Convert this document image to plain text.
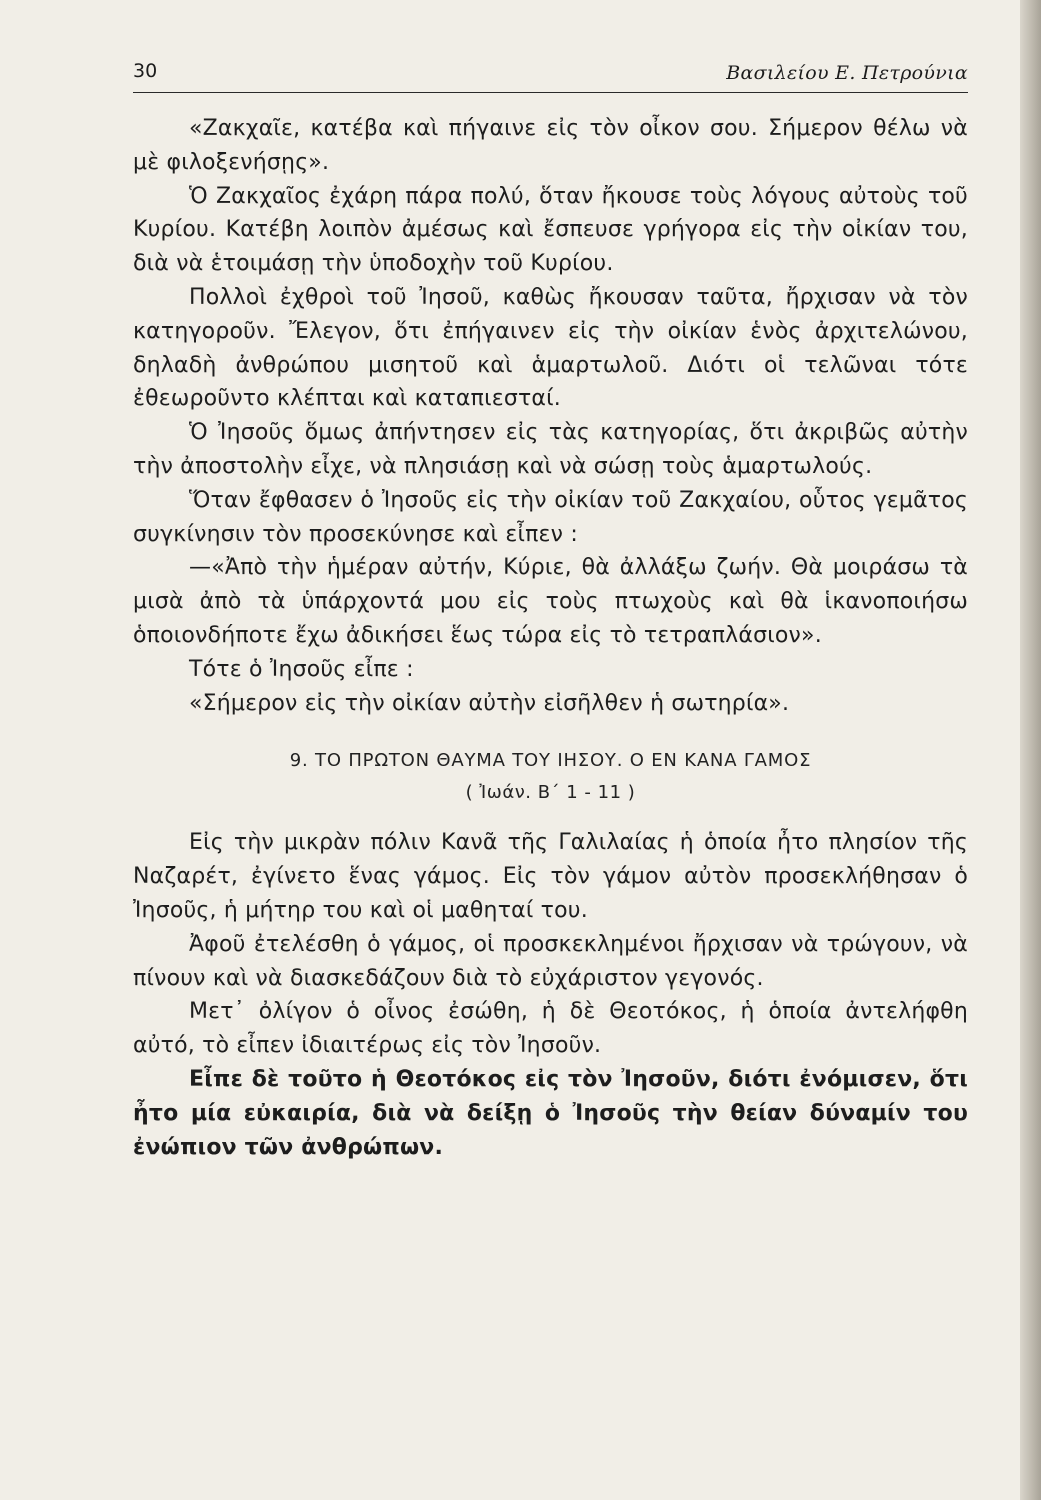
30	Βασιλείου Ε. Πετρούνια

«Ζακχαῖε, κατέβα καὶ πήγαινε εἰς τὸν οἶκον σου. Σήμερον θέλω νὰ μὲ φιλοξενήσῃς».

Ὁ Ζακχαῖος ἐχάρη πάρα πολύ, ὅταν ἤκουσε τοὺς λόγους αὐτοὺς τοῦ Κυρίου. Κατέβη λοιπὸν ἀμέσως καὶ ἔσπευσε γρήγορα εἰς τὴν οἰκίαν του, διὰ νὰ ἑτοιμάσῃ τὴν ὑποδοχὴν τοῦ Κυρίου.

Πολλοὶ ἐχθροὶ τοῦ Ἰησοῦ, καθὼς ἤκουσαν ταῦτα, ἤρχισαν νὰ τὸν κατηγοροῦν. Ἔλεγον, ὅτι ἐπήγαινεν εἰς τὴν οἰκίαν ἑνὸς ἀρχιτελώνου, δηλαδὴ ἀνθρώπου μισητοῦ καὶ ἁμαρτωλοῦ. Διότι οἱ τελῶναι τότε ἐθεωροῦντο κλέπται καὶ καταπιεσταί.

Ὁ Ἰησοῦς ὅμως ἀπήντησεν εἰς τὰς κατηγορίας, ὅτι ἀκριβῶς αὐτὴν τὴν ἀποστολὴν εἶχε, νὰ πλησιάσῃ καὶ νὰ σώσῃ τοὺς ἁμαρτωλούς.

Ὅταν ἔφθασεν ὁ Ἰησοῦς εἰς τὴν οἰκίαν τοῦ Ζακχαίου, οὗτος γεμᾶτος συγκίνησιν τὸν προσεκύνησε καὶ εἶπεν :

—«Ἀπὸ τὴν ἡμέραν αὐτήν, Κύριε, θὰ ἀλλάξω ζωήν. Θὰ μοιράσω τὰ μισὰ ἀπὸ τὰ ὑπάρχοντά μου εἰς τοὺς πτωχοὺς καὶ θὰ ἱκανοποιήσω ὁποιονδήποτε ἔχω ἀδικήσει ἕως τώρα εἰς τὸ τετραπλάσιον».

Τότε ὁ Ἰησοῦς εἶπε :

«Σήμερον εἰς τὴν οἰκίαν αὐτὴν εἰσῆλθεν ἡ σωτηρία».

9. ΤΟ ΠΡΩΤΟΝ ΘΑΥΜΑ ΤΟΥ ΙΗΣΟΥ. Ο ΕΝ ΚΑΝΑ ΓΑΜΟΣ
( Ἰωάν. Β΄ 1 - 11 )

Εἰς τὴν μικρὰν πόλιν Κανᾶ τῆς Γαλιλαίας ἡ ὁποία ἦτο πλησίον τῆς Ναζαρέτ, ἐγίνετο ἕνας γάμος. Εἰς τὸν γάμον αὐτὸν προσεκλήθησαν ὁ Ἰησοῦς, ἡ μήτηρ του καὶ οἱ μαθηταί του.

Ἀφοῦ ἐτελέσθη ὁ γάμος, οἱ προσκεκλημένοι ἤρχισαν νὰ τρώγουν, νὰ πίνουν καὶ νὰ διασκεδάζουν διὰ τὸ εὐχάριστον γεγονός.

Μετ᾽ ὀλίγον ὁ οἶνος ἐσώθη, ἡ δὲ Θεοτόκος, ἡ ὁποία ἀντελήφθη αὐτό, τὸ εἶπεν ἰδιαιτέρως εἰς τὸν Ἰησοῦν.

Εἶπε δὲ τοῦτο ἡ Θεοτόκος εἰς τὸν Ἰησοῦν, διότι ἐνόμισεν, ὅτι ἦτο μία εὐκαιρία, διὰ νὰ δείξῃ ὁ Ἰησοῦς τὴν θείαν δύναμίν του ἐνώπιον τῶν ἀνθρώπων.
